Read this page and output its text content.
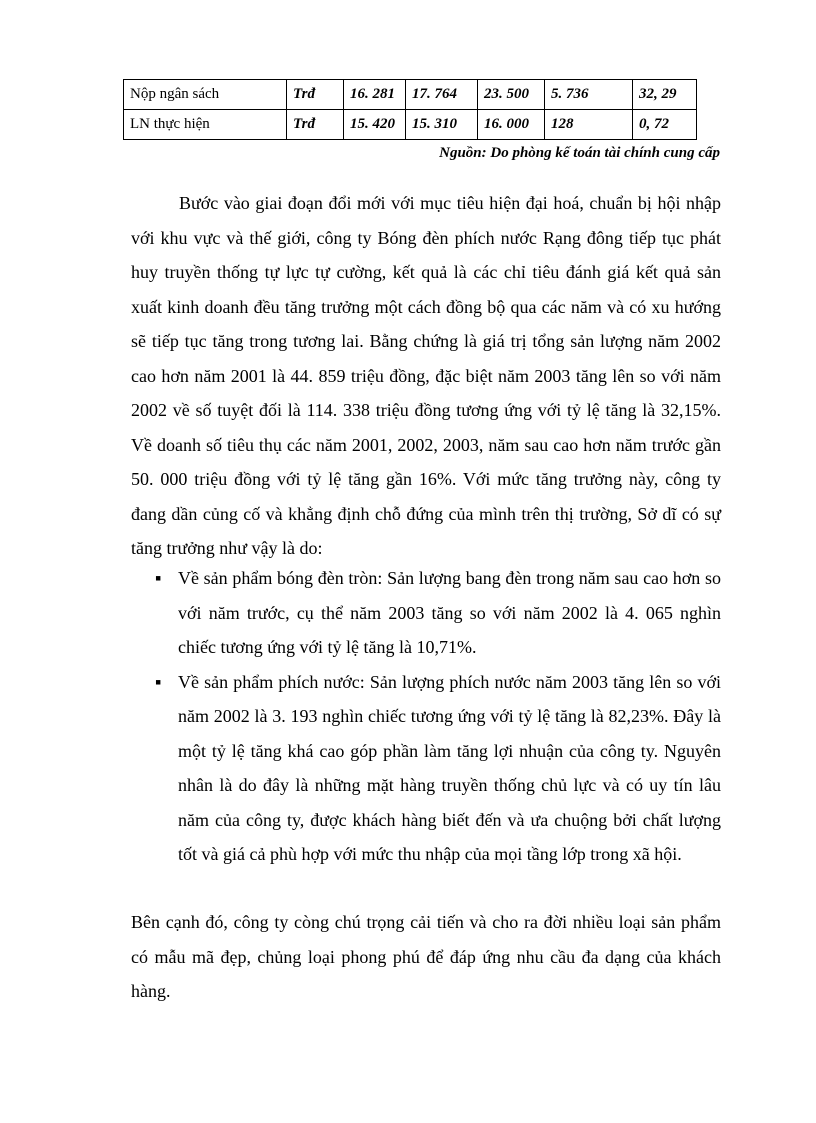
Nộp ngân sách	Trđ	16. 281	17. 764	23. 500	5. 736	32, 29
LN thực hiện	Trđ	15. 420	15. 310	16. 000	128	0, 72
Nguồn: Do phòng kế toán tài chính cung cấp

Bước vào giai đoạn đổi mới với mục tiêu hiện đại hoá, chuẩn bị hội nhập với khu vực và thế giới, công ty Bóng đèn phích nước Rạng đông tiếp tục phát huy truyền thống tự lực tự cường, kết quả là các chỉ tiêu đánh giá kết quả sản xuất kinh doanh đều tăng trưởng một cách đồng bộ qua các năm và có xu hướng sẽ tiếp tục tăng trong tương lai. Bằng chứng là giá trị tổng sản lượng năm 2002 cao hơn năm 2001 là 44. 859 triệu đồng, đặc biệt năm 2003 tăng lên so với năm 2002 về số tuyệt đối là 114. 338 triệu đồng tương ứng với tỷ lệ tăng là 32,15%. Về doanh số tiêu thụ các năm 2001, 2002, 2003, năm sau cao hơn năm trước gần 50. 000 triệu đồng với tỷ lệ tăng gần 16%. Với mức tăng trưởng này, công ty đang dần củng cố và khẳng định chỗ đứng của mình trên thị trường, Sở dĩ có sự tăng trưởng như vậy là do:

▪ Về sản phẩm bóng đèn tròn: Sản lượng bang đèn trong năm sau cao hơn so với năm trước, cụ thể năm 2003 tăng so với năm 2002 là 4. 065 nghìn chiếc tương ứng với tỷ lệ tăng là 10,71%.
▪ Về sản phẩm phích nước: Sản lượng phích nước năm 2003 tăng lên so với năm 2002 là 3. 193 nghìn chiếc tương ứng với tỷ lệ tăng là 82,23%. Đây là một tỷ lệ tăng khá cao góp phần làm tăng lợi nhuận của công ty. Nguyên nhân là do đây là những mặt hàng truyền thống chủ lực và có uy tín lâu năm của công ty, được khách hàng biết đến và ưa chuộng bởi chất lượng tốt và giá cả phù hợp với mức thu nhập của mọi tầng lớp trong xã hội.

Bên cạnh đó, công ty còng chú trọng cải tiến và cho ra đời nhiều loại sản phẩm có mẫu mã đẹp, chủng loại phong phú để đáp ứng nhu cầu đa dạng của khách hàng.
